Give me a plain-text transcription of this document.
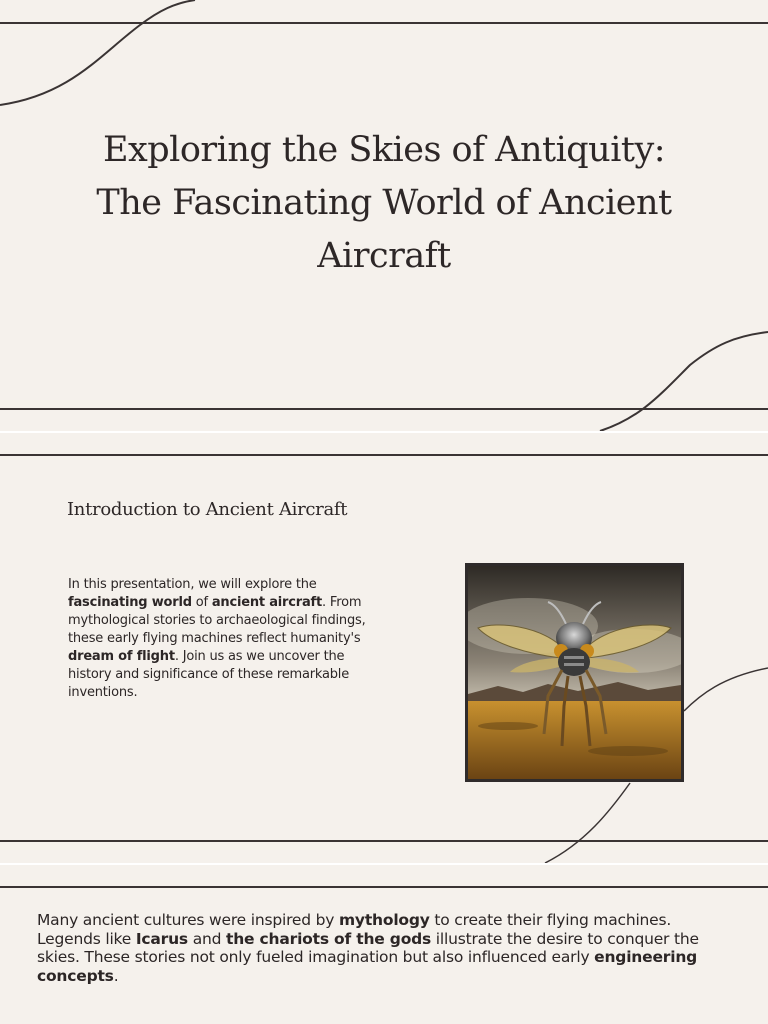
Exploring the Skies of Antiquity:
The Fascinating World of Ancient
Aircraft
Introduction to Ancient Aircraft

In this presentation, we will explore the fascinating world of ancient aircraft. From mythological stories to archaeological findings, these early flying machines reflect humanity's dream of flight. Join us as we uncover the history and significance of these remarkable inventions.

Many ancient cultures were inspired by mythology to create their flying machines. Legends like Icarus and the chariots of the gods illustrate the desire to conquer the skies. These stories not only fueled imagination but also influenced early engineering concepts.
